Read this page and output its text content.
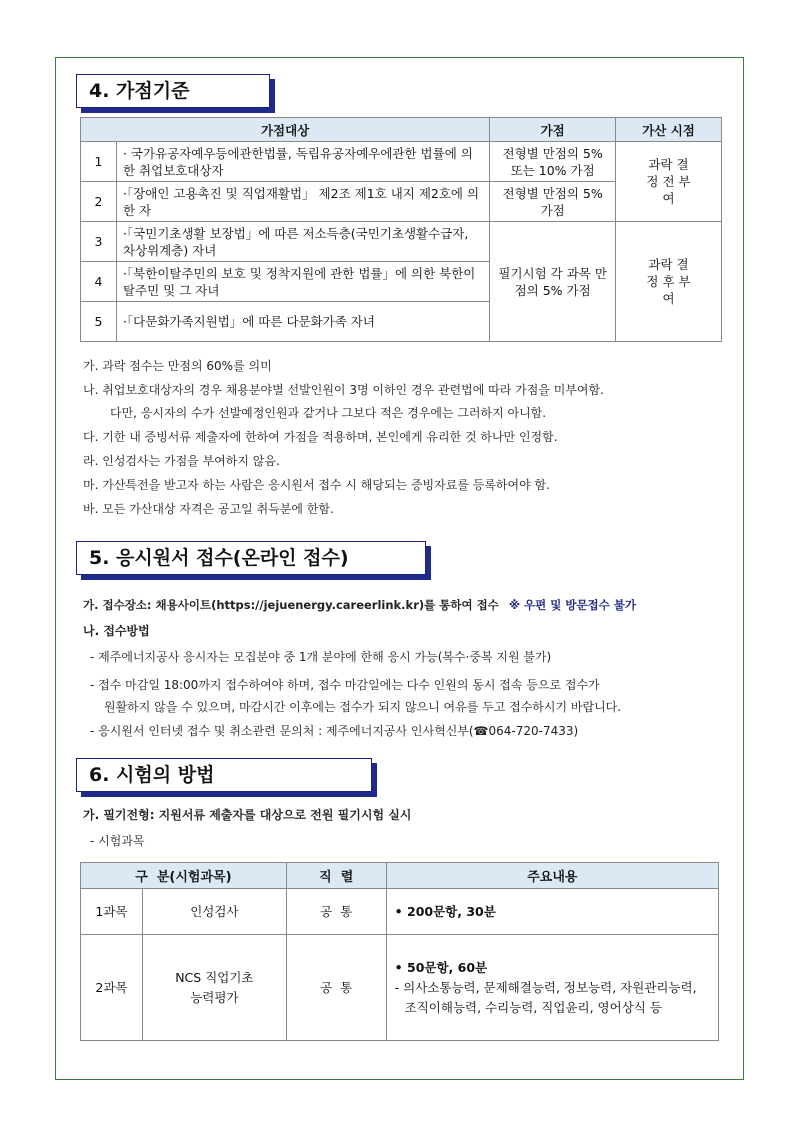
4. 가점기준
가점대상		가점	가산 시점
1	· 국가유공자예우등에관한법률, 독립유공자예우에관한 법률에 의한 취업보호대상자	전형별 만점의 5% 또는 10% 가점	과락 결정 전 부여
2	·「장애인 고용촉진 및 직업재활법」 제2조 제1호 내지 제2호에 의한 자	전형별 만점의 5% 가점	
3	·「국민기초생활 보장법」에 따른 저소득층(국민기초생활수급자, 차상위계층) 자녀	필기시험 각 과목 만점의 5% 가점	과락 결정 후 부여
4	·「북한이탈주민의 보호 및 정착지원에 관한 법률」에 의한 북한이탈주민 및 그 자녀		
5	·「다문화가족지원법」에 따른 다문화가족 자녀		
가. 과락 점수는 만점의 60%를 의미
나. 취업보호대상자의 경우 채용분야별 선발인원이 3명 이하인 경우 관련법에 따라 가점을 미부여함.
다만, 응시자의 수가 선발예정인원과 같거나 그보다 적은 경우에는 그러하지 아니함.
다. 기한 내 증빙서류 제출자에 한하여 가점을 적용하며, 본인에게 유리한 것 하나만 인정함.
라. 인성검사는 가점을 부여하지 않음.
마. 가산특전을 받고자 하는 사람은 응시원서 접수 시 해당되는 증빙자료를 등록하여야 함.
바. 모든 가산대상 자격은 공고일 취득분에 한함.
5. 응시원서 접수(온라인 접수)
가. 접수장소: 채용사이트(https://jejuenergy.careerlink.kr)를 통하여 접수 ※ 우편 및 방문접수 불가
나. 접수방법
- 제주에너지공사 응시자는 모집분야 중 1개 분야에 한해 응시 가능(복수·중복 지원 불가)
- 접수 마감일 18:00까지 접수하여야 하며, 접수 마감일에는 다수 인원의 동시 접속 등으로 접수가
원활하지 않을 수 있으며, 마감시간 이후에는 접수가 되지 않으니 여유를 두고 접수하시기 바랍니다.
- 응시원서 인터넷 접수 및 취소관련 문의처 : 제주에너지공사 인사혁신부(☎064-720-7433)
6. 시험의 방법
가. 필기전형: 지원서류 제출자를 대상으로 전원 필기시험 실시
- 시험과목
구  분(시험과목)		직  렬	주요내용
1과목	인성검사	공  통	• 200문항, 30분
2과목	NCS 직업기초 능력평가	공  통	• 50문항, 60분
- 의사소통능력, 문제해결능력, 정보능력, 자원관리능력, 조직이해능력, 수리능력, 직업윤리, 영어상식 등
